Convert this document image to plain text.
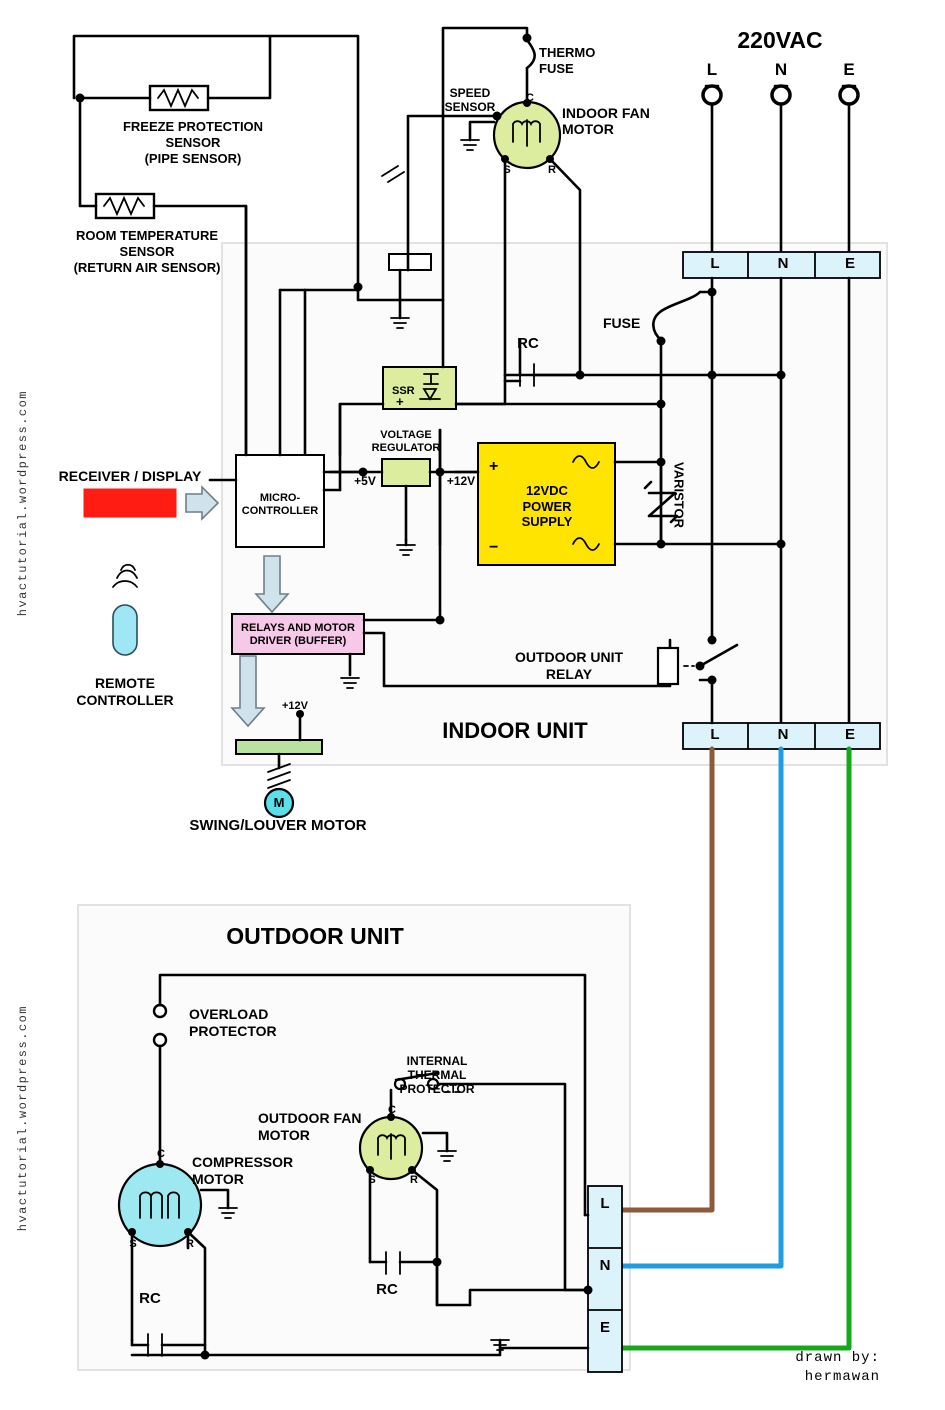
SSR
+
+
−
hvactutorial.wordpress.com
hvactutorial.wordpress.com
220VAC
L	N	E
L	N	E
L	N	E
L
N
E
FREEZE PROTECTION
SENSOR
(PIPE SENSOR)
ROOM TEMPERATURE
SENSOR
(RETURN AIR SENSOR)
THERMO
FUSE
SPEED
SENSOR	INDOOR FAN
MOTOR
C
S	R
RC
FUSE
VARISTOR
VOLTAGE
REGULATOR
+5V	+12V
12VDC
POWER SUPPLY
MICRO-
CONTROLLER
RECEIVER / DISPLAY
REMOTE
CONTROLLER
RELAYS AND MOTOR
DRIVER (BUFFER)
OUTDOOR UNIT
RELAY
INDOOR UNIT
+12V
M
SWING/LOUVER MOTOR
OUTDOOR UNIT
OVERLOAD
PROTECTOR
INTERNAL
THERMAL
PROTECTOR
OUTDOOR FAN
MOTOR
C
S	R
COMPRESSOR
MOTOR
C
S	R
RC
RC
drawn by:
hermawan
